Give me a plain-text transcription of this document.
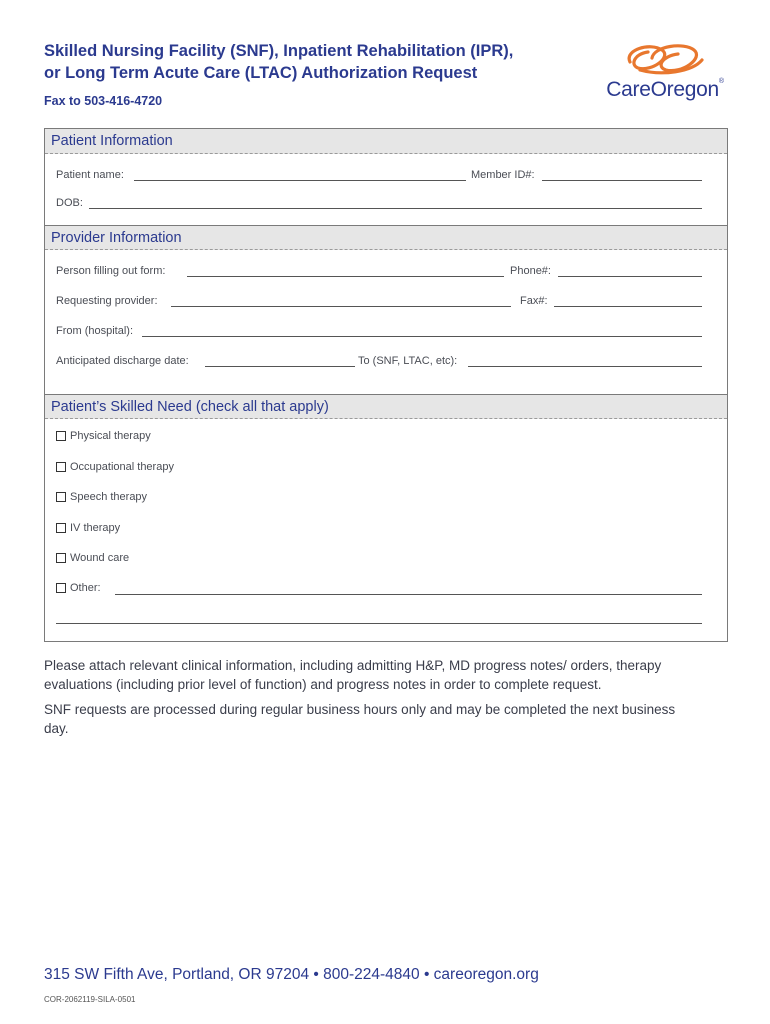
Skilled Nursing Facility (SNF), Inpatient Rehabilitation (IPR),
or Long Term Acute Care (LTAC) Authorization Request
Fax to 503-416-4720	CareOregon®
Patient Information
Patient name:	Member ID#:
DOB:
Provider Information
Person filling out form:	Phone#:
Requesting provider:	Fax#:
From (hospital):
Anticipated discharge date:	To (SNF, LTAC, etc):
Patient’s Skilled Need (check all that apply)
Physical therapy
Occupational therapy
Speech therapy
IV therapy
Wound care
Other:

Please attach relevant clinical information, including admitting H&P, MD progress notes/ orders, therapy evaluations (including prior level of function) and progress notes in order to complete request.

SNF requests are processed during regular business hours only and may be completed the next business day.

315 SW Fifth Ave, Portland, OR 97204 • 800-224-4840 • careoregon.org
COR-2062119-SILA-0501
